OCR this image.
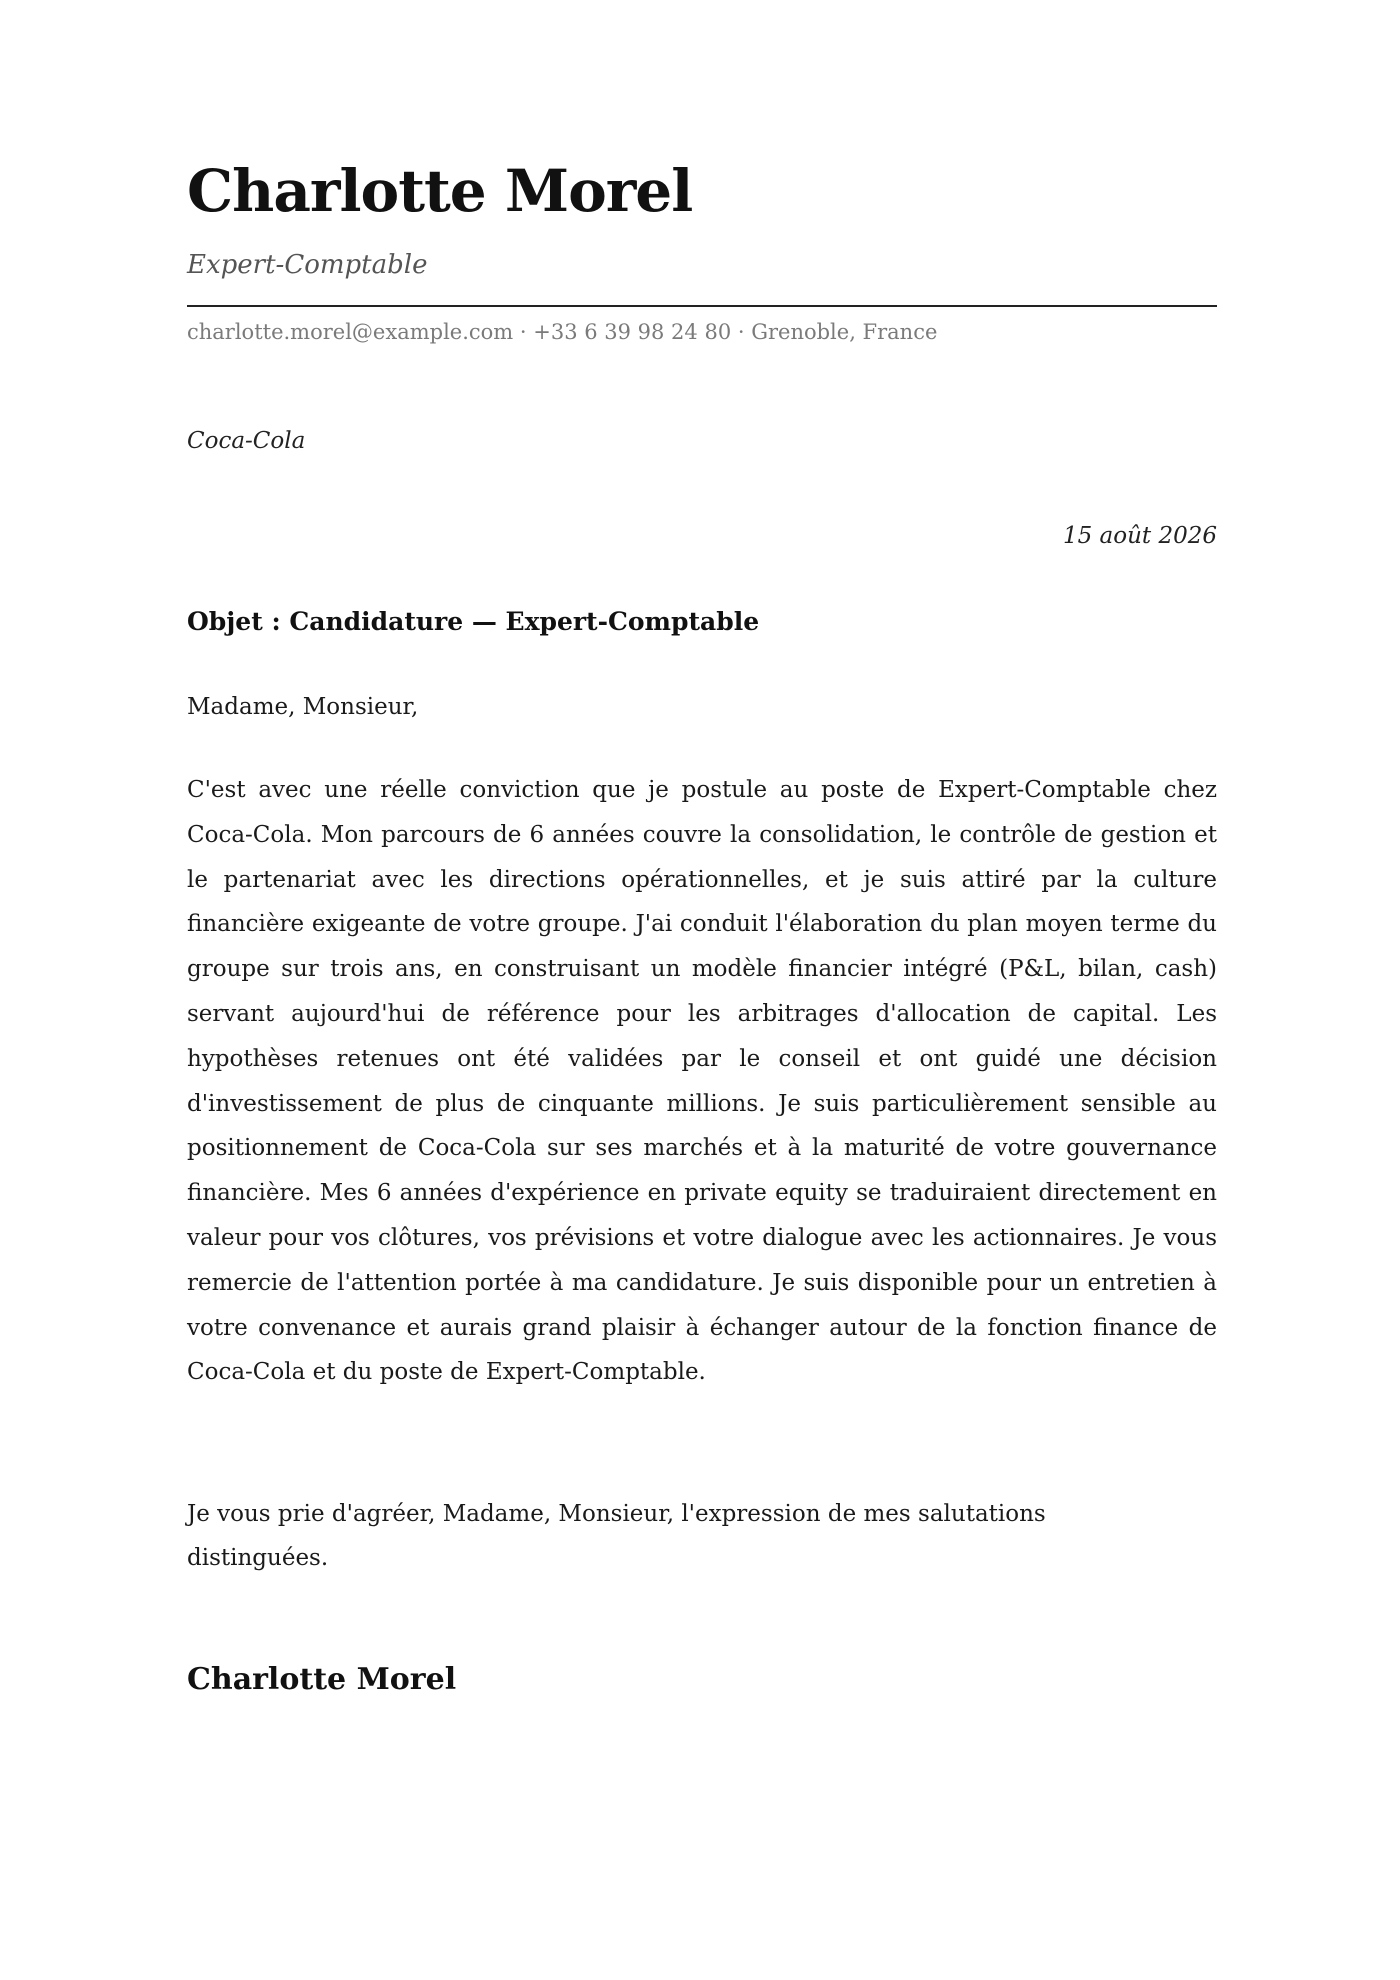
Charlotte Morel
Expert-Comptable
charlotte.morel@example.com · +33 6 39 98 24 80 · Grenoble, France
Coca-Cola
15 août 2026
Objet : Candidature — Expert-Comptable
Madame, Monsieur,

C'est avec une réelle conviction que je postule au poste de Expert-Comptable chez Coca-Cola. Mon parcours de 6 années couvre la consolidation, le contrôle de gestion et le partenariat avec les directions opérationnelles, et je suis attiré par la culture financière exigeante de votre groupe. J'ai conduit l'élaboration du plan moyen terme du groupe sur trois ans, en construisant un modèle financier intégré (P&L, bilan, cash) servant aujourd'hui de référence pour les arbitrages d'allocation de capital. Les hypothèses retenues ont été validées par le conseil et ont guidé une décision d'investissement de plus de cinquante millions. Je suis particulièrement sensible au positionnement de Coca-Cola sur ses marchés et à la maturité de votre gouvernance financière. Mes 6 années d'expérience en private equity se traduiraient directement en valeur pour vos clôtures, vos prévisions et votre dialogue avec les actionnaires. Je vous remercie de l'attention portée à ma candidature. Je suis disponible pour un entretien à votre convenance et aurais grand plaisir à échanger autour de la fonction finance de Coca-Cola et du poste de Expert-Comptable.

Je vous prie d'agréer, Madame, Monsieur, l'expression de mes salutations distinguées.

Charlotte Morel
